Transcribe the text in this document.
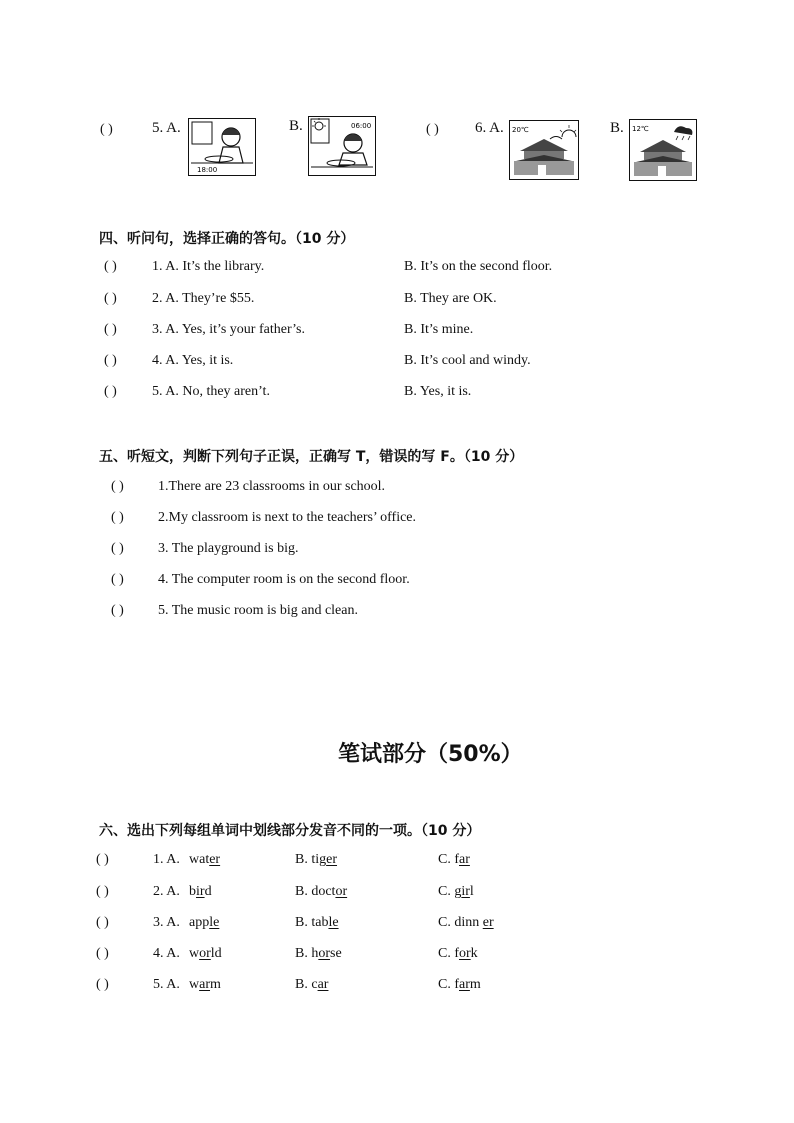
( )	5. A.
18:00
B.	06:00	( ) 6. A. 20℃	B. 12℃
四、听问句，选择正确的答句。（10 分）
( )	1. A. It’s the library.	B. It’s on the second floor.
( )	2. A. They’re $55.	B. They are OK.
( )	3. A. Yes, it’s your father’s.	B. It’s mine.
( )	4. A. Yes, it is.	B. It’s cool and windy.
( )	5. A. No, they aren’t.	B. Yes, it is.
五、听短文，判断下列句子正误，正确写 T，错误的写 F。（10 分）
( ) 1.There are 23 classrooms in our school.
( ) 2.My classroom is next to the teachers’ office.
( ) 3. The playground is big.
( ) 4. The computer room is on the second floor.
( ) 5. The music room is big and clean.
笔试部分（50%）
六、选出下列每组单词中划线部分发音不同的一项。（10 分）
( )	1. A. water	B. tiger	C. far
( )	2. A. bird	B. doctor	C. girl
( )	3. A. apple	B. table	C. dinn er
( )	4. A. world	B. horse	C. fork
( )	5. A. warm	B. car	C. farm
